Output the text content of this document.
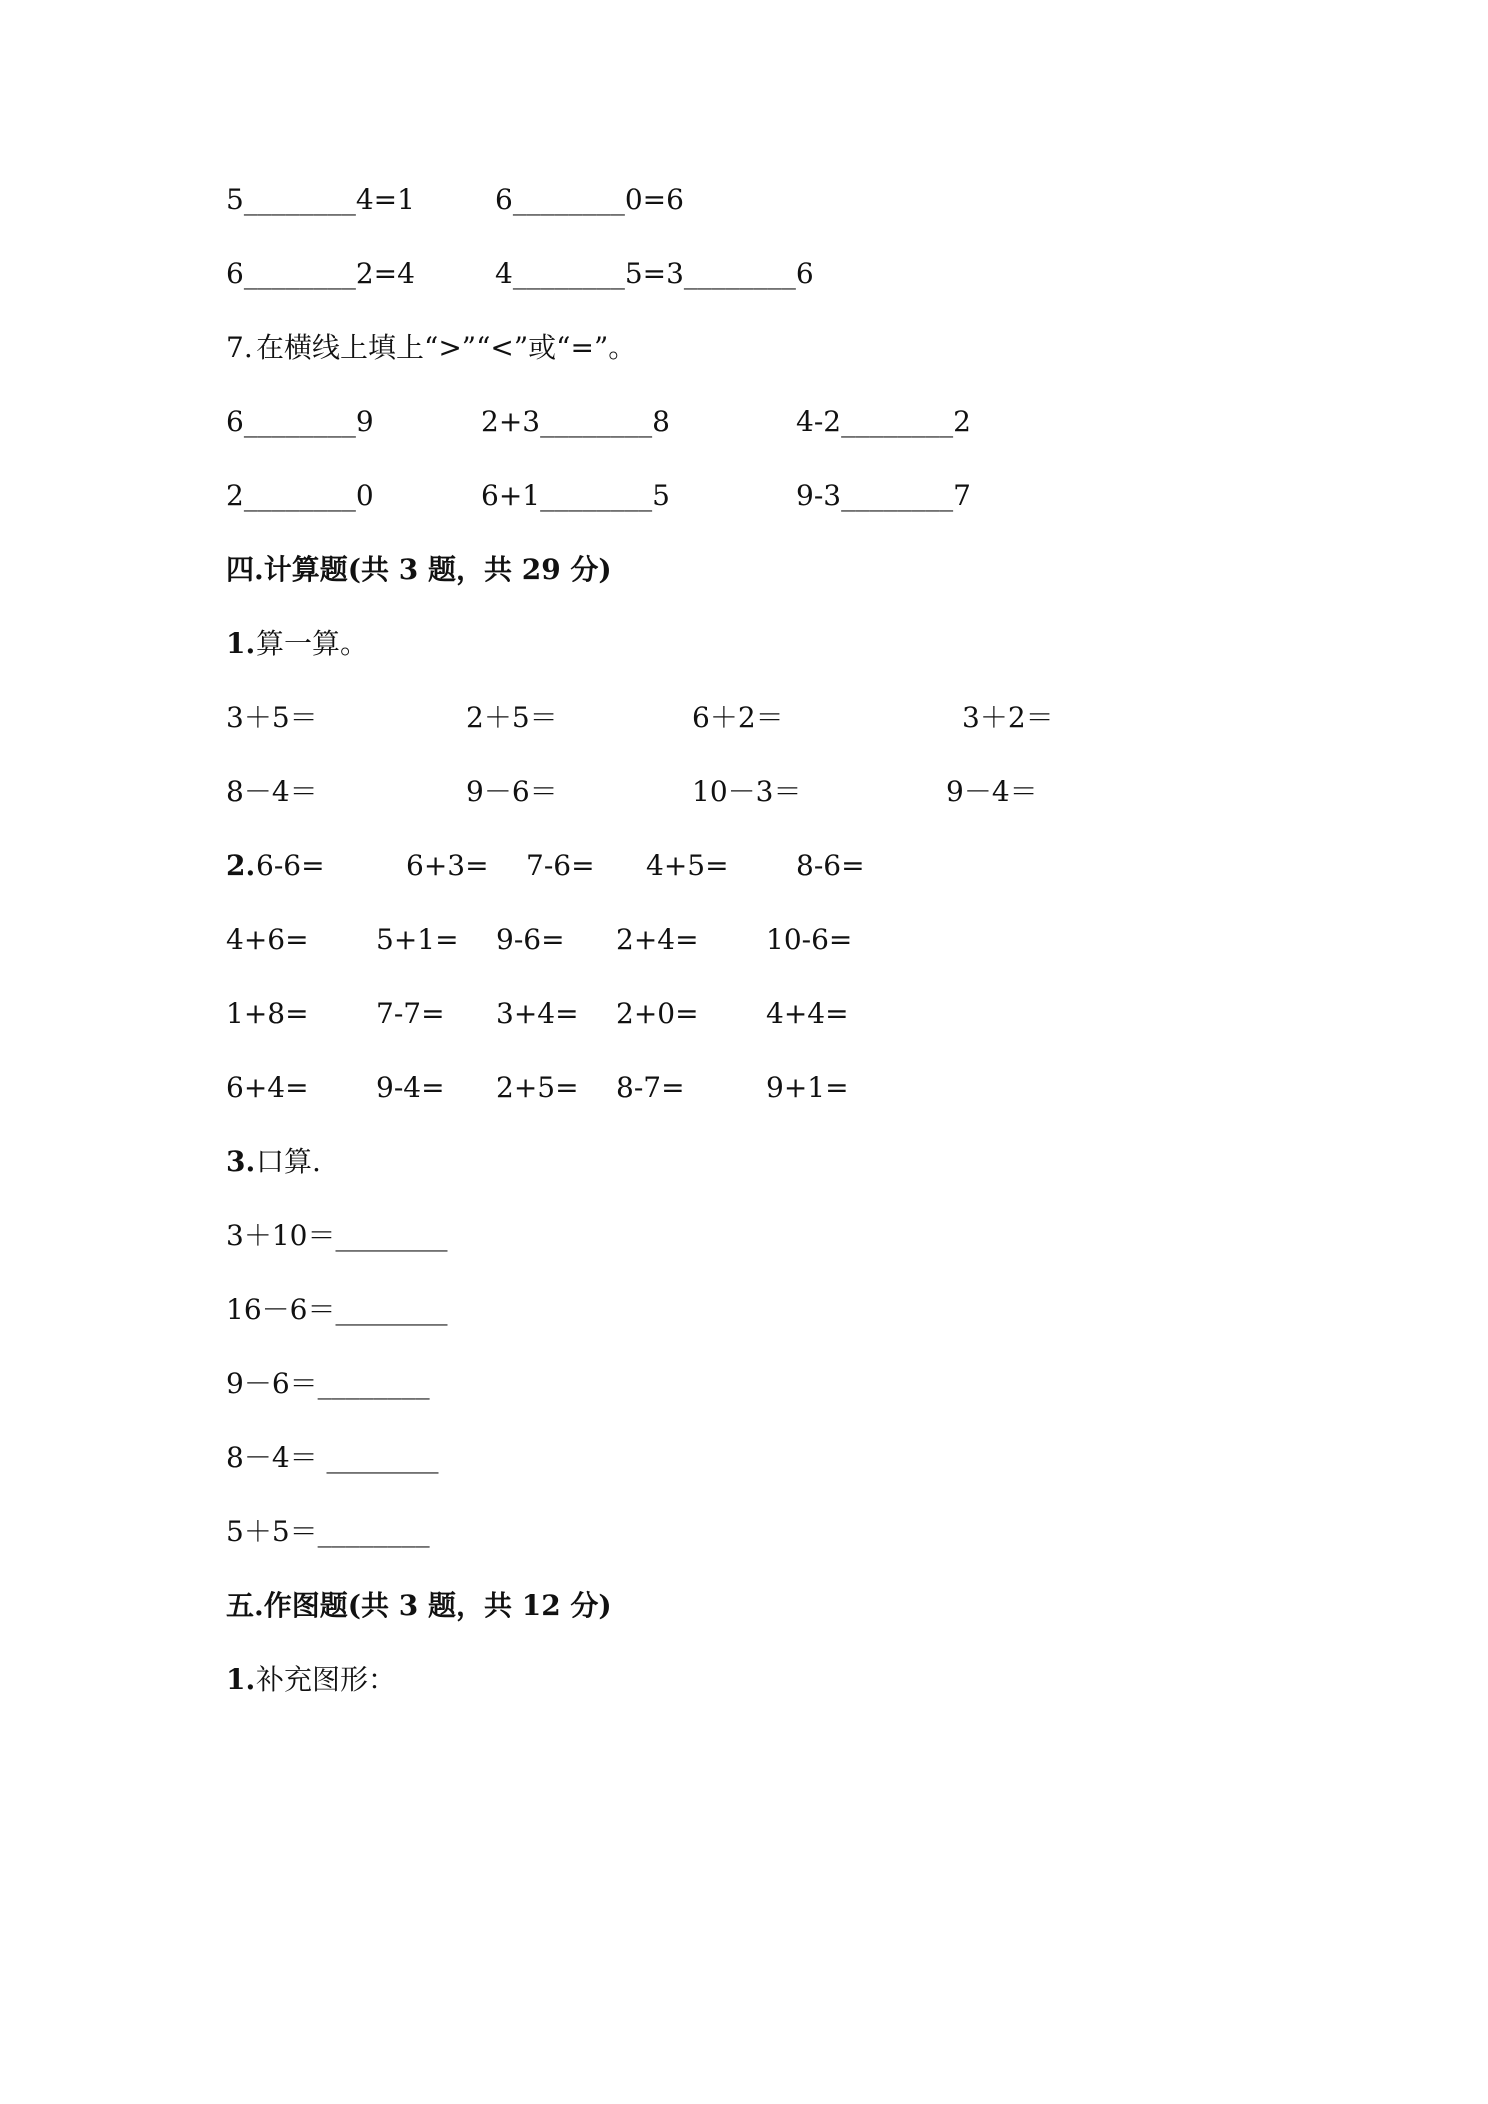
5________4=1	6________0=6
6________2=4	4________5=3________6
7. 在横线上填上“>”“<”或“=”。
6________9	2+3________8	4-2________2
2________0	6+1________5	9-3________7
四.计算题(共 3 题，共 29 分)
1. 算一算。
3＋5＝	2＋5＝	6＋2＝	3＋2＝
8－4＝	9－6＝	10－3＝	9－4＝
2. 6-6=	6+3= 7-6= 4+5= 8-6=
4+6= 5+1= 9-6= 2+4= 10-6=
1+8= 7-7= 3+4= 2+0= 4+4=
6+4= 9-4= 2+5= 8-7=	9+1=
3. 口算.
3＋10＝________
16－6＝________
9－6＝________
8－4＝ ________
5＋5＝________
五.作图题(共 3 题，共 12 分)
1. 补充图形：
